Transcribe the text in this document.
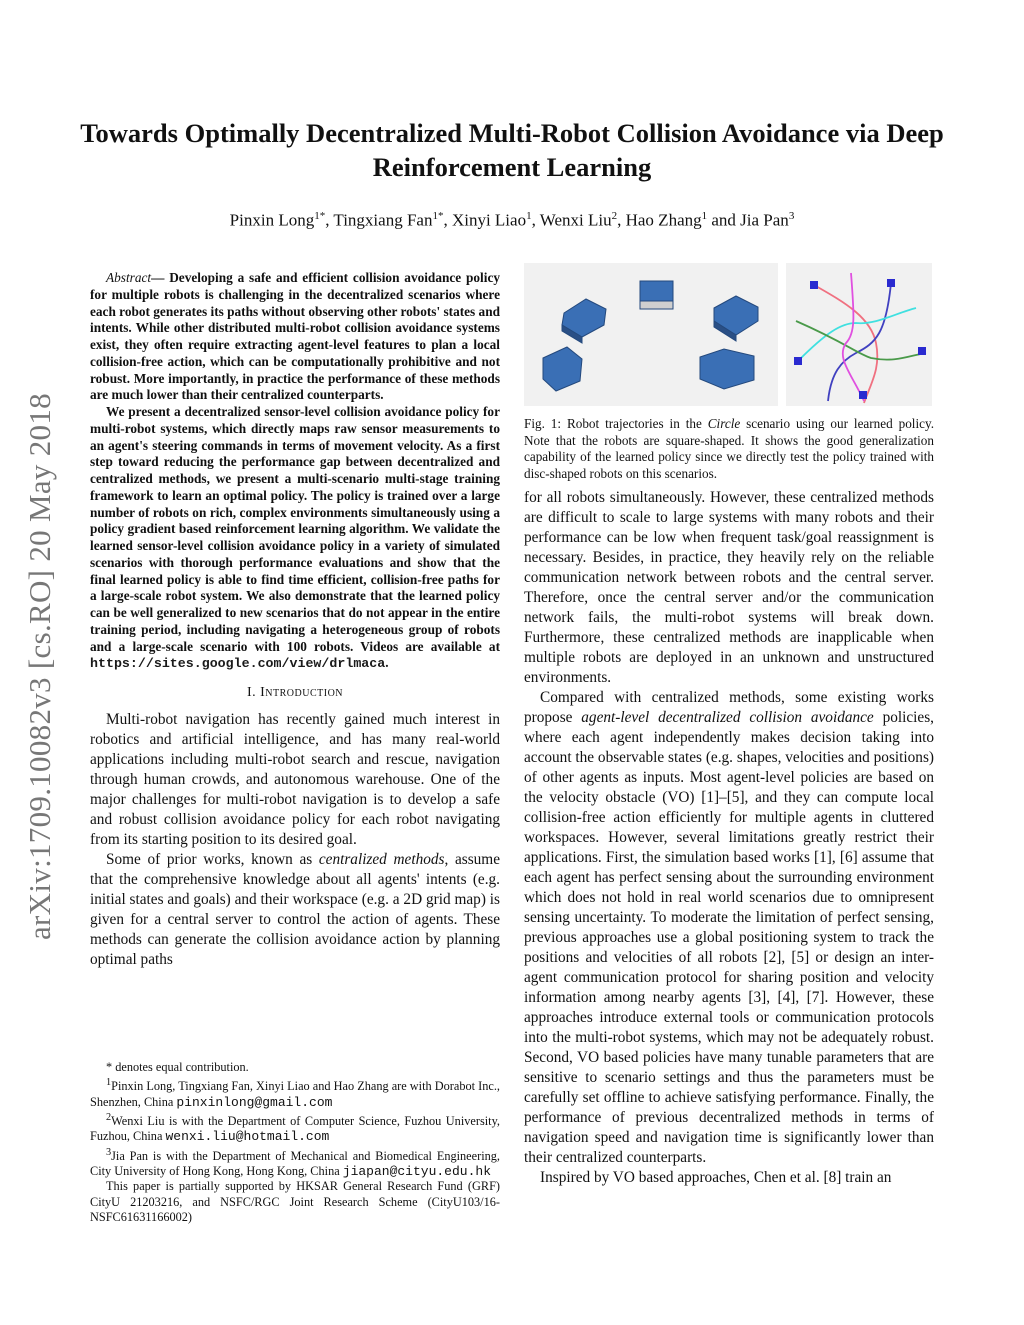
arXiv:1709.10082v3 [cs.RO] 20 May 2018
Towards Optimally Decentralized Multi-Robot Collision Avoidance via Deep Reinforcement Learning
Pinxin Long$^{1*}$, Tingxiang Fan$^{1*}$, Xinyi Liao$^1$, Wenxi Liu$^2$, Hao Zhang$^1$ and Jia Pan$^3$

Abstract— Developing a safe and efficient collision avoidance policy for multiple robots is challenging in the decentralized scenarios where each robot generates its paths without observing other robots' states and intents. While other distributed multi-robot collision avoidance systems exist, they often require extracting agent-level features to plan a local collision-free action, which can be computationally prohibitive and not robust. More importantly, in practice the performance of these methods are much lower than their centralized counterparts.

We present a decentralized sensor-level collision avoidance policy for multi-robot systems, which directly maps raw sensor measurements to an agent's steering commands in terms of movement velocity. As a first step toward reducing the performance gap between decentralized and centralized methods, we present a multi-scenario multi-stage training framework to learn an optimal policy. The policy is trained over a large number of robots on rich, complex environments simultaneously using a policy gradient based reinforcement learning algorithm. We validate the learned sensor-level collision avoidance policy in a variety of simulated scenarios with thorough performance evaluations and show that the final learned policy is able to find time efficient, collision-free paths for a large-scale robot system. We also demonstrate that the learned policy can be well generalized to new scenarios that do not appear in the entire training period, including navigating a heterogeneous group of robots and a large-scale scenario with 100 robots. Videos are available at https://sites.google.com/view/drlmaca.

I. Introduction

Multi-robot navigation has recently gained much interest in robotics and artificial intelligence, and has many real-world applications including multi-robot search and rescue, navigation through human crowds, and autonomous warehouse. One of the major challenges for multi-robot navigation is to develop a safe and robust collision avoidance policy for each robot navigating from its starting position to its desired goal.

Some of prior works, known as centralized methods, assume that the comprehensive knowledge about all agents' intents (e.g. initial states and goals) and their workspace (e.g. a 2D grid map) is given for a central server to control the action of agents. These methods can generate the collision avoidance action by planning optimal paths

* denotes equal contribution.

$^1$Pinxin Long, Tingxiang Fan, Xinyi Liao and Hao Zhang are with Dorabot Inc., Shenzhen, China pinxinlong@gmail.com

$^2$Wenxi Liu is with the Department of Computer Science, Fuzhou University, Fuzhou, China wenxi.liu@hotmail.com

$^3$Jia Pan is with the Department of Mechanical and Biomedical Engineering, City University of Hong Kong, Hong Kong, China jiapan@cityu.edu.hk

This paper is partially supported by HKSAR General Research Fund (GRF) CityU 21203216, and NSFC/RGC Joint Research Scheme (CityU103/16-NSFC61631166002)

Fig. 1: Robot trajectories in the Circle scenario using our learned policy. Note that the robots are square-shaped. It shows the good generalization capability of the learned policy since we directly test the policy trained with disc-shaped robots on this scenarios.

for all robots simultaneously. However, these centralized methods are difficult to scale to large systems with many robots and their performance can be low when frequent task/goal reassignment is necessary. Besides, in practice, they heavily rely on the reliable communication network between robots and the central server. Therefore, once the central server and/or the communication network fails, the multi-robot systems will break down. Furthermore, these centralized methods are inapplicable when multiple robots are deployed in an unknown and unstructured environments.

Compared with centralized methods, some existing works propose agent-level decentralized collision avoidance policies, where each agent independently makes decision taking into account the observable states (e.g. shapes, velocities and positions) of other agents as inputs. Most agent-level policies are based on the velocity obstacle (VO) [1]–[5], and they can compute local collision-free action efficiently for multiple agents in cluttered workspaces. However, several limitations greatly restrict their applications. First, the simulation based works [1], [6] assume that each agent has perfect sensing about the surrounding environment which does not hold in real world scenarios due to omnipresent sensing uncertainty. To moderate the limitation of perfect sensing, previous approaches use a global positioning system to track the positions and velocities of all robots [2], [5] or design an inter-agent communication protocol for sharing position and velocity information among nearby agents [3], [4], [7]. However, these approaches introduce external tools or communication protocols into the multi-robot systems, which may not be adequately robust. Second, VO based policies have many tunable parameters that are sensitive to scenario settings and thus the parameters must be carefully set offline to achieve satisfying performance. Finally, the performance of previous decentralized methods in terms of navigation speed and navigation time is significantly lower than their centralized counterparts.

Inspired by VO based approaches, Chen et al. [8] train an
